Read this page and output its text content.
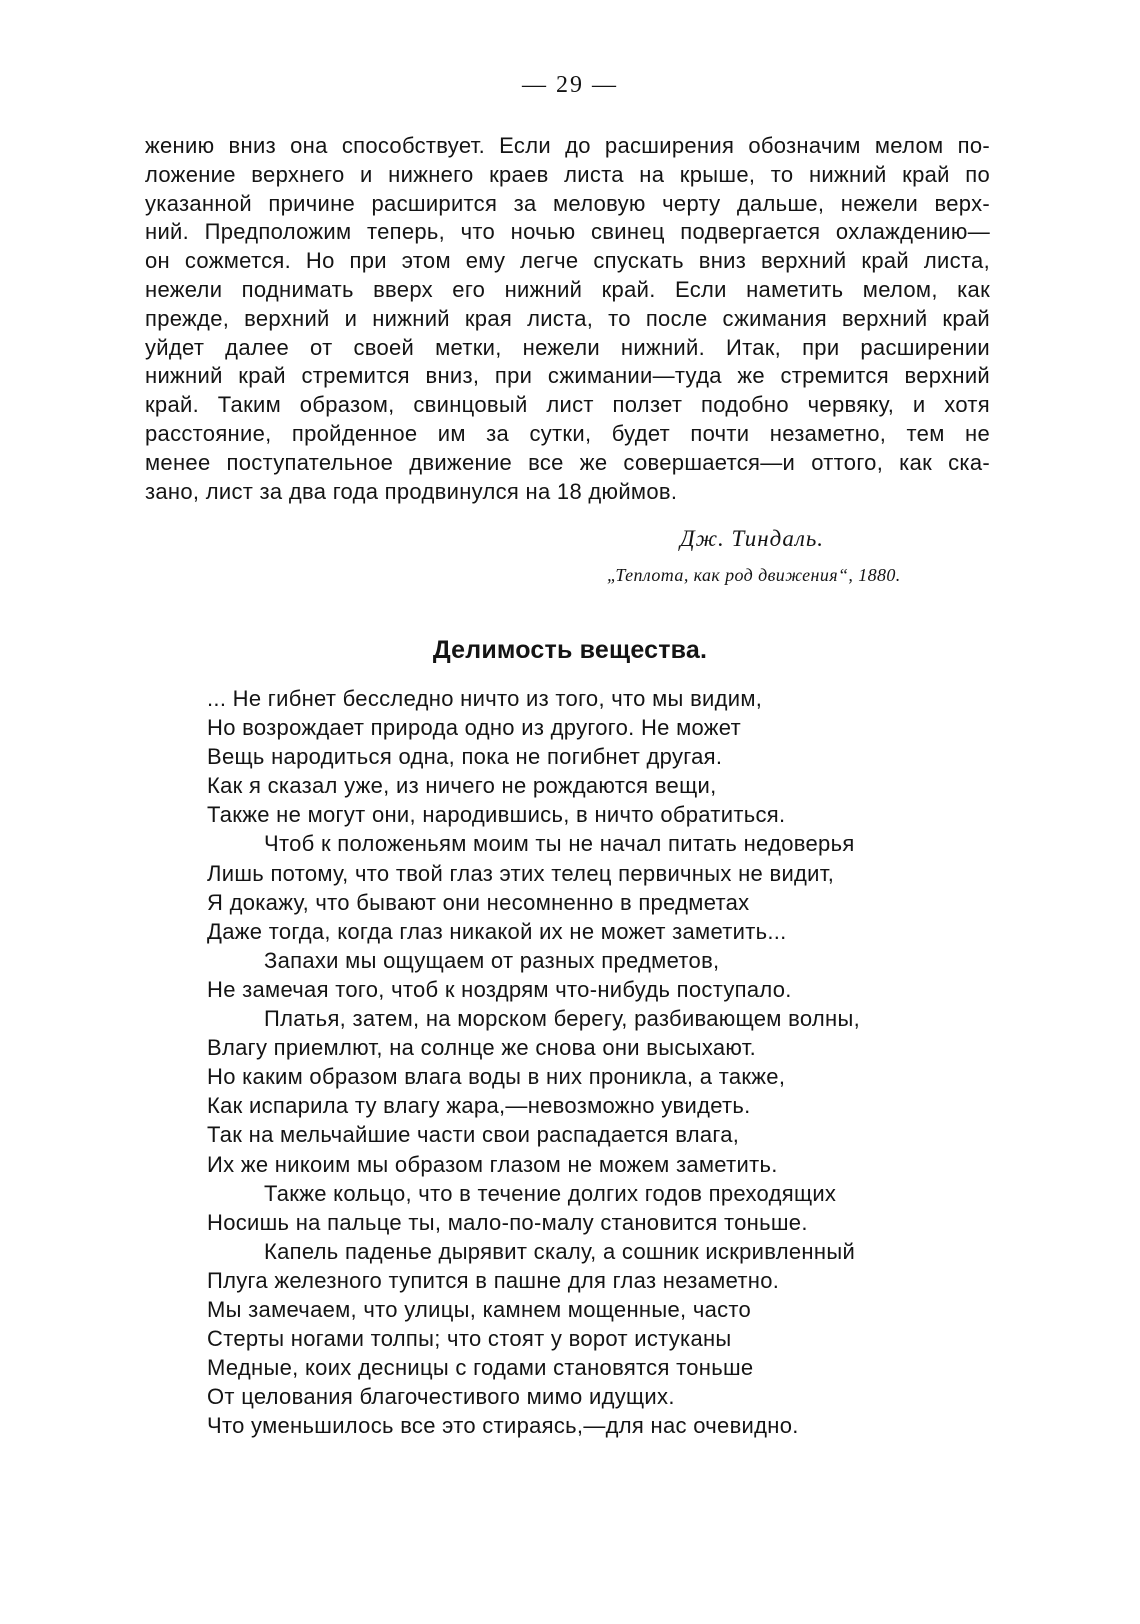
— 29 —
жению вниз она способствует. Если до расширения обозначим мелом по-
ложение верхнего и нижнего краев листа на крыше, то нижний край по
указанной причине расширится за меловую черту дальше, нежели верх-
ний. Предположим теперь, что ночью свинец подвергается охлаждению—
он сожмется. Но при этом ему легче спускать вниз верхний край листа,
нежели поднимать вверх его нижний край. Если наметить мелом, как
прежде, верхний и нижний края листа, то после сжимания верхний край
уйдет далее от своей метки, нежели нижний. Итак, при расширении
нижний край стремится вниз, при сжимании—туда же стремится верхний
край. Таким образом, свинцовый лист ползет подобно червяку, и хотя
расстояние, пройденное им за сутки, будет почти незаметно, тем не
менее поступательное движение все же совершается—и оттого, как ска-
зано, лист за два года продвинулся на 18 дюймов.
Дж. Тиндаль.
„Теплота, как род движения“, 1880.
Делимость вещества.
... Не гибнет бесследно ничто из того, что мы видим,
Но возрождает природа одно из другого. Не может
Вещь народиться одна, пока не погибнет другая.
Как я сказал уже, из ничего не рождаются вещи,
Также не могут они, народившись, в ничто обратиться.
Чтоб к положеньям моим ты не начал питать недоверья
Лишь потому, что твой глаз этих телец первичных не видит,
Я докажу, что бывают они несомненно в предметах
Даже тогда, когда глаз никакой их не может заметить...
Запахи мы ощущаем от разных предметов,
Не замечая того, чтоб к ноздрям что-нибудь поступало.
Платья, затем, на морском берегу, разбивающем волны,
Влагу приемлют, на солнце же снова они высыхают.
Но каким образом влага воды в них проникла, а также,
Как испарила ту влагу жара,—невозможно увидеть.
Так на мельчайшие части свои распадается влага,
Их же никоим мы образом глазом не можем заметить.
Также кольцо, что в течение долгих годов преходящих
Носишь на пальце ты, мало-по-малу становится тоньше.
Капель паденье дырявит скалу, а сошник искривленный
Плуга железного тупится в пашне для глаз незаметно.
Мы замечаем, что улицы, камнем мощенные, часто
Стерты ногами толпы; что стоят у ворот истуканы
Медные, коих десницы с годами становятся тоньше
От целования благочестивого мимо идущих.
Что уменьшилось все это стираясь,—для нас очевидно.
